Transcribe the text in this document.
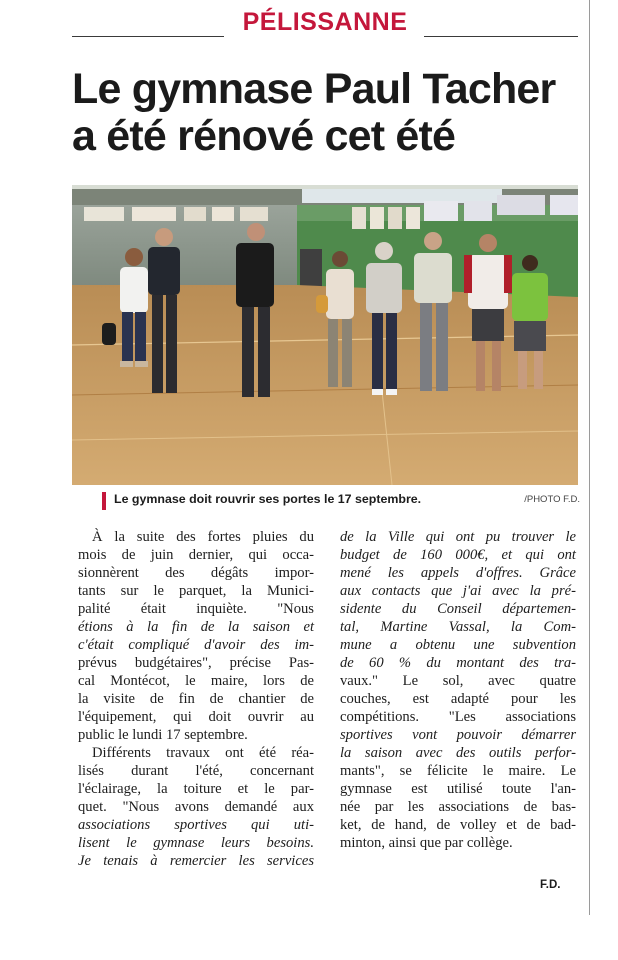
PÉLISSANNE
Le gymnase Paul Tacher
a été rénové cet été
Le gymnase doit rouvrir ses portes le 17 septembre.	/PHOTO F.D.
À la suite des fortes pluies du
mois de juin dernier, qui occa-
sionnèrent des dégâts impor-
tants sur le parquet, la Munici-
palité était inquiète. "Nous
étions à la fin de la saison et
c'était compliqué d'avoir des im-
prévus budgétaires", précise Pas-
cal Montécot, le maire, lors de
la visite de fin de chantier de
l'équipement, qui doit ouvrir au
public le lundi 17 septembre.
Différents travaux ont été réa-
lisés durant l'été, concernant
l'éclairage, la toiture et le par-
quet. "Nous avons demandé aux
associations sportives qui uti-
lisent le gymnase leurs besoins.
Je tenais à remercier les services
de la Ville qui ont pu trouver le
budget de 160 000€, et qui ont
mené les appels d'offres. Grâce
aux contacts que j'ai avec la pré-
sidente du Conseil départemen-
tal, Martine Vassal, la Com-
mune a obtenu une subvention
de 60 % du montant des tra-
vaux." Le sol, avec quatre
couches, est adapté pour les
compétitions. "Les associations
sportives vont pouvoir démarrer
la saison avec des outils perfor-
mants", se félicite le maire. Le
gymnase est utilisé toute l'an-
née par les associations de bas-
ket, de hand, de volley et de bad-
minton, ainsi que par collège.
F.D.
